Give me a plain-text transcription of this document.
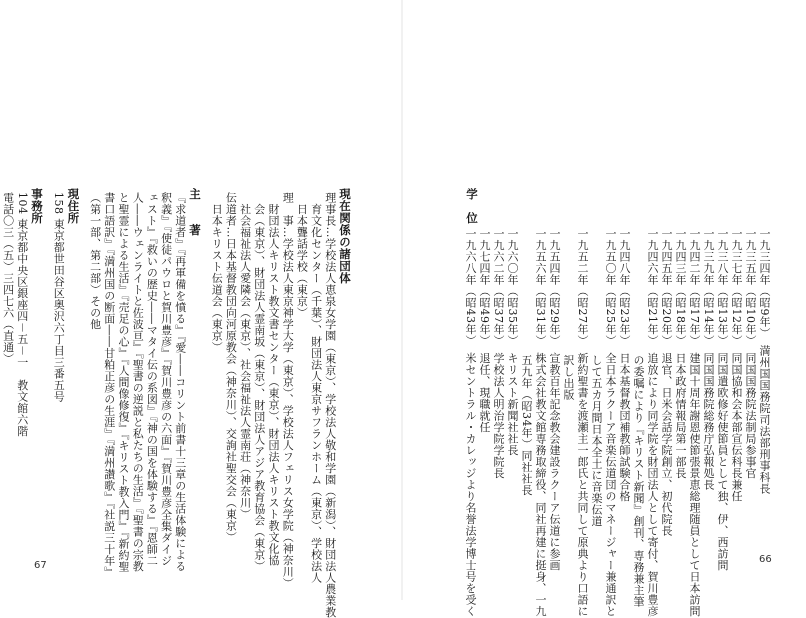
現在関係の諸団体
理事長…学校法人恵泉女学園（東京）、学校法人敬和学園（新潟）、財団法人農業教
　育文化センター（千葉）、財団法人東京サフランホーム（東京）、学校法人
　日本聾話学校（東京）
理　事…学校法人東京神学大学（東京）、学校法人フェリス女学院（神奈川）
　財団法人キリスト教文書センター（東京）、財団法人キリスト教文化協
　会（東京）、財団法人霊南坂（東京）、財団法人アジア教育協会（東京）
　社会福祉法人愛隣会（東京）、社会福祉法人霊南荘（神奈川）
伝道者…日本基督教団向河原教会（神奈川）、交詢社聖交会（東京）
　日本キリスト伝道会（東京）
主　　著
『求道者』『再軍備を憤る』『愛――コリント前書十三章の生活体験による
釈義』『使徒パウロと賀川豊彦』『賀川豊彦の六面』『賀川豊彦全集ダイジ
ェスト』『救いの歴史――マタイ伝の系図』『神の国を体験する』『恩師二
人――ウェンライトと佐波亘』『聖書の逆説と私たちの生活』『聖書の宗教
と聖霊による生活』『売足の心』『人間像修復』『キリスト教入門』『新約聖
書口語訳』『満州国の断面――甘粕正彦の生涯』『満州讃歌』『社説三十年』
（第一部、第二部）その他
現住所
158 東京都世田谷区奥沢六丁目三番五号
事務所
104 東京都中央区銀座四－五－一　教文館六階
電話〇三（五）三四七六（直通）
67
学　位
一九三四年（昭9年）　満州国国務院司法部刑事科長
一九三五年（昭10年）　同国国務院法制局参事官
一九三七年（昭12年）　同国協和会本部宣伝科長兼任
一九三八年（昭13年）　同国遣欧修好使節員として独、伊、西訪問
一九三九年（昭14年）　同国国務院総務庁弘報処長
一九四二年（昭17年）　建国十周年謝恩使節張景恵総理随員として日本訪問
一九四三年（昭18年）　日本政府情報局第一部長
一九四五年（昭20年）　退官、日米会話学院創立、初代院長
一九四六年（昭21年）　追放により同学院を財団法人として寄付、賀川豊彦
　　　　　　　　　　　の委嘱により『キリスト新聞』創刊、専務兼主筆
一九四八年（昭23年）　日本基督教団補教師試験合格
一九五〇年（昭25年）　全日本ラクーア音楽伝道団のマネージャー兼通訳と
　　　　　　　　　　　して五カ月間日本全土に音楽伝道
一九五二年（昭27年）　新約聖書を渡瀬主一郎氏と共同して原典より口語に
　　　　　　　　　　　訳し出版
一九五四年（昭29年）　宣教百年記念教会建設ラクーア伝道に参画
一九五六年（昭31年）　株式会社教文館専務取締役、同社再建に挺身、一九
　　　　　　　　　　　五九年（昭34年）同社社長
一九六〇年（昭35年）　キリスト新聞社社長
一九六二年（昭37年）　学校法人明治学院学院長
一九七四年（昭49年）　退任、現職就任
一九六八年（昭43年）　米セントラル・カレッジより名誉法学博士号を受く	66
